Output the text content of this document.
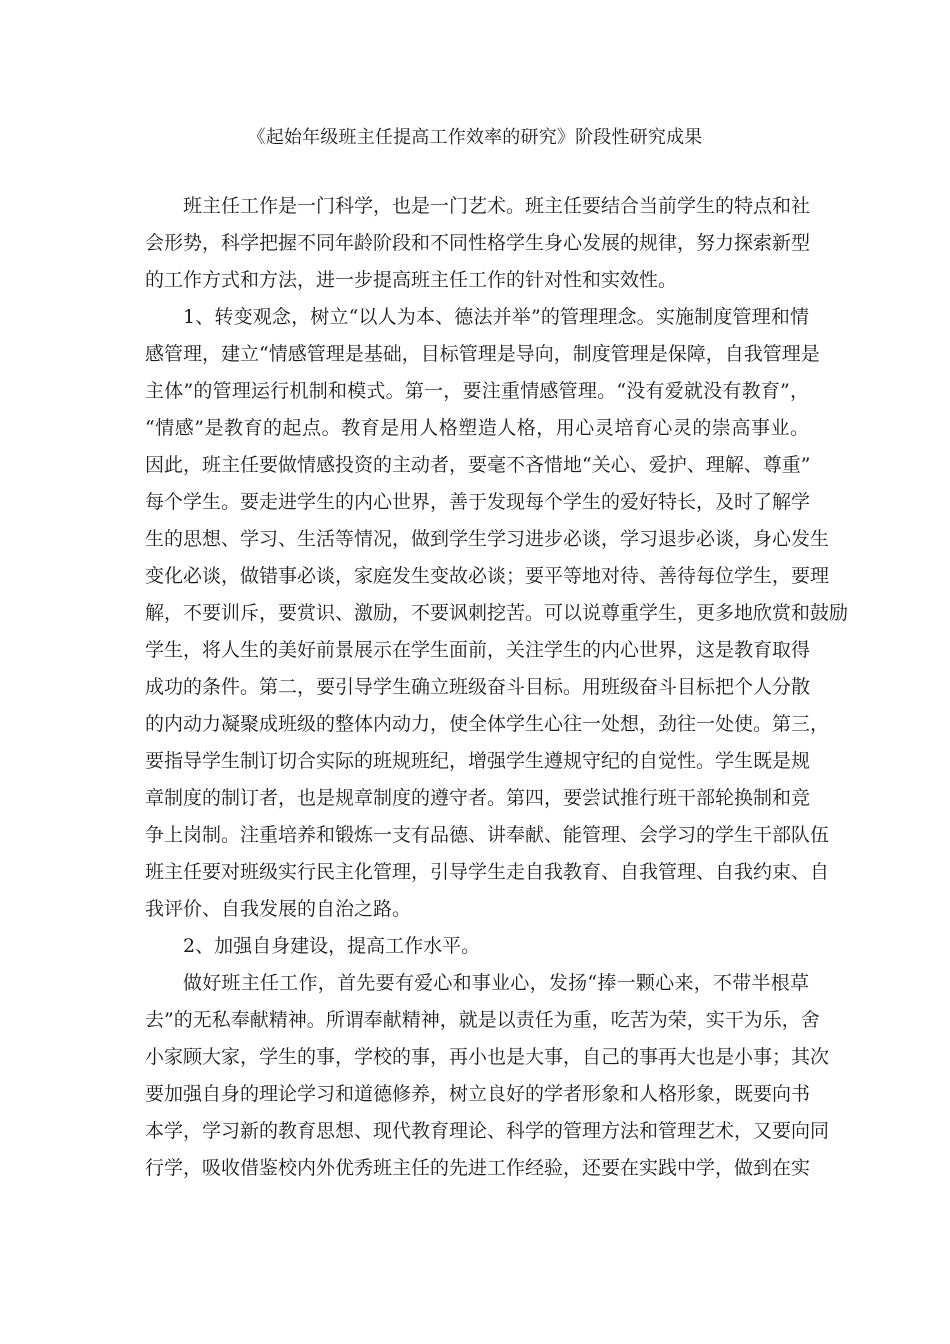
《起始年级班主任提高工作效率的研究》阶段性研究成果
班主任工作是一门科学，也是一门艺术。班主任要结合当前学生的特点和社
会形势，科学把握不同年龄阶段和不同性格学生身心发展的规律，努力探索新型
的工作方式和方法，进一步提高班主任工作的针对性和实效性。
1、转变观念，树立“以人为本、德法并举”的管理理念。实施制度管理和情
感管理，建立“情感管理是基础，目标管理是导向，制度管理是保障，自我管理是
主体”的管理运行机制和模式。第一，要注重情感管理。“没有爱就没有教育”，
“情感”是教育的起点。教育是用人格塑造人格，用心灵培育心灵的崇高事业。
因此，班主任要做情感投资的主动者，要毫不吝惜地“关心、爱护、理解、尊重”
每个学生。要走进学生的内心世界，善于发现每个学生的爱好特长，及时了解学
生的思想、学习、生活等情况，做到学生学习进步必谈，学习退步必谈，身心发生
变化必谈，做错事必谈，家庭发生变故必谈；要平等地对待、善待每位学生，要理
解，不要训斥，要赏识、激励，不要讽刺挖苦。可以说尊重学生，更多地欣赏和鼓励
学生，将人生的美好前景展示在学生面前，关注学生的内心世界，这是教育取得
成功的条件。第二，要引导学生确立班级奋斗目标。用班级奋斗目标把个人分散
的内动力凝聚成班级的整体内动力，使全体学生心往一处想，劲往一处使。第三，
要指导学生制订切合实际的班规班纪，增强学生遵规守纪的自觉性。学生既是规
章制度的制订者，也是规章制度的遵守者。第四，要尝试推行班干部轮换制和竞
争上岗制。注重培养和锻炼一支有品德、讲奉献、能管理、会学习的学生干部队伍
班主任要对班级实行民主化管理，引导学生走自我教育、自我管理、自我约束、自
我评价、自我发展的自治之路。
2、加强自身建设，提高工作水平。
做好班主任工作，首先要有爱心和事业心，发扬“捧一颗心来，不带半根草
去”的无私奉献精神。所谓奉献精神，就是以责任为重，吃苦为荣，实干为乐，舍
小家顾大家，学生的事，学校的事，再小也是大事，自己的事再大也是小事；其次
要加强自身的理论学习和道德修养，树立良好的学者形象和人格形象，既要向书
本学，学习新的教育思想、现代教育理论、科学的管理方法和管理艺术，又要向同
行学，吸收借鉴校内外优秀班主任的先进工作经验，还要在实践中学，做到在实
